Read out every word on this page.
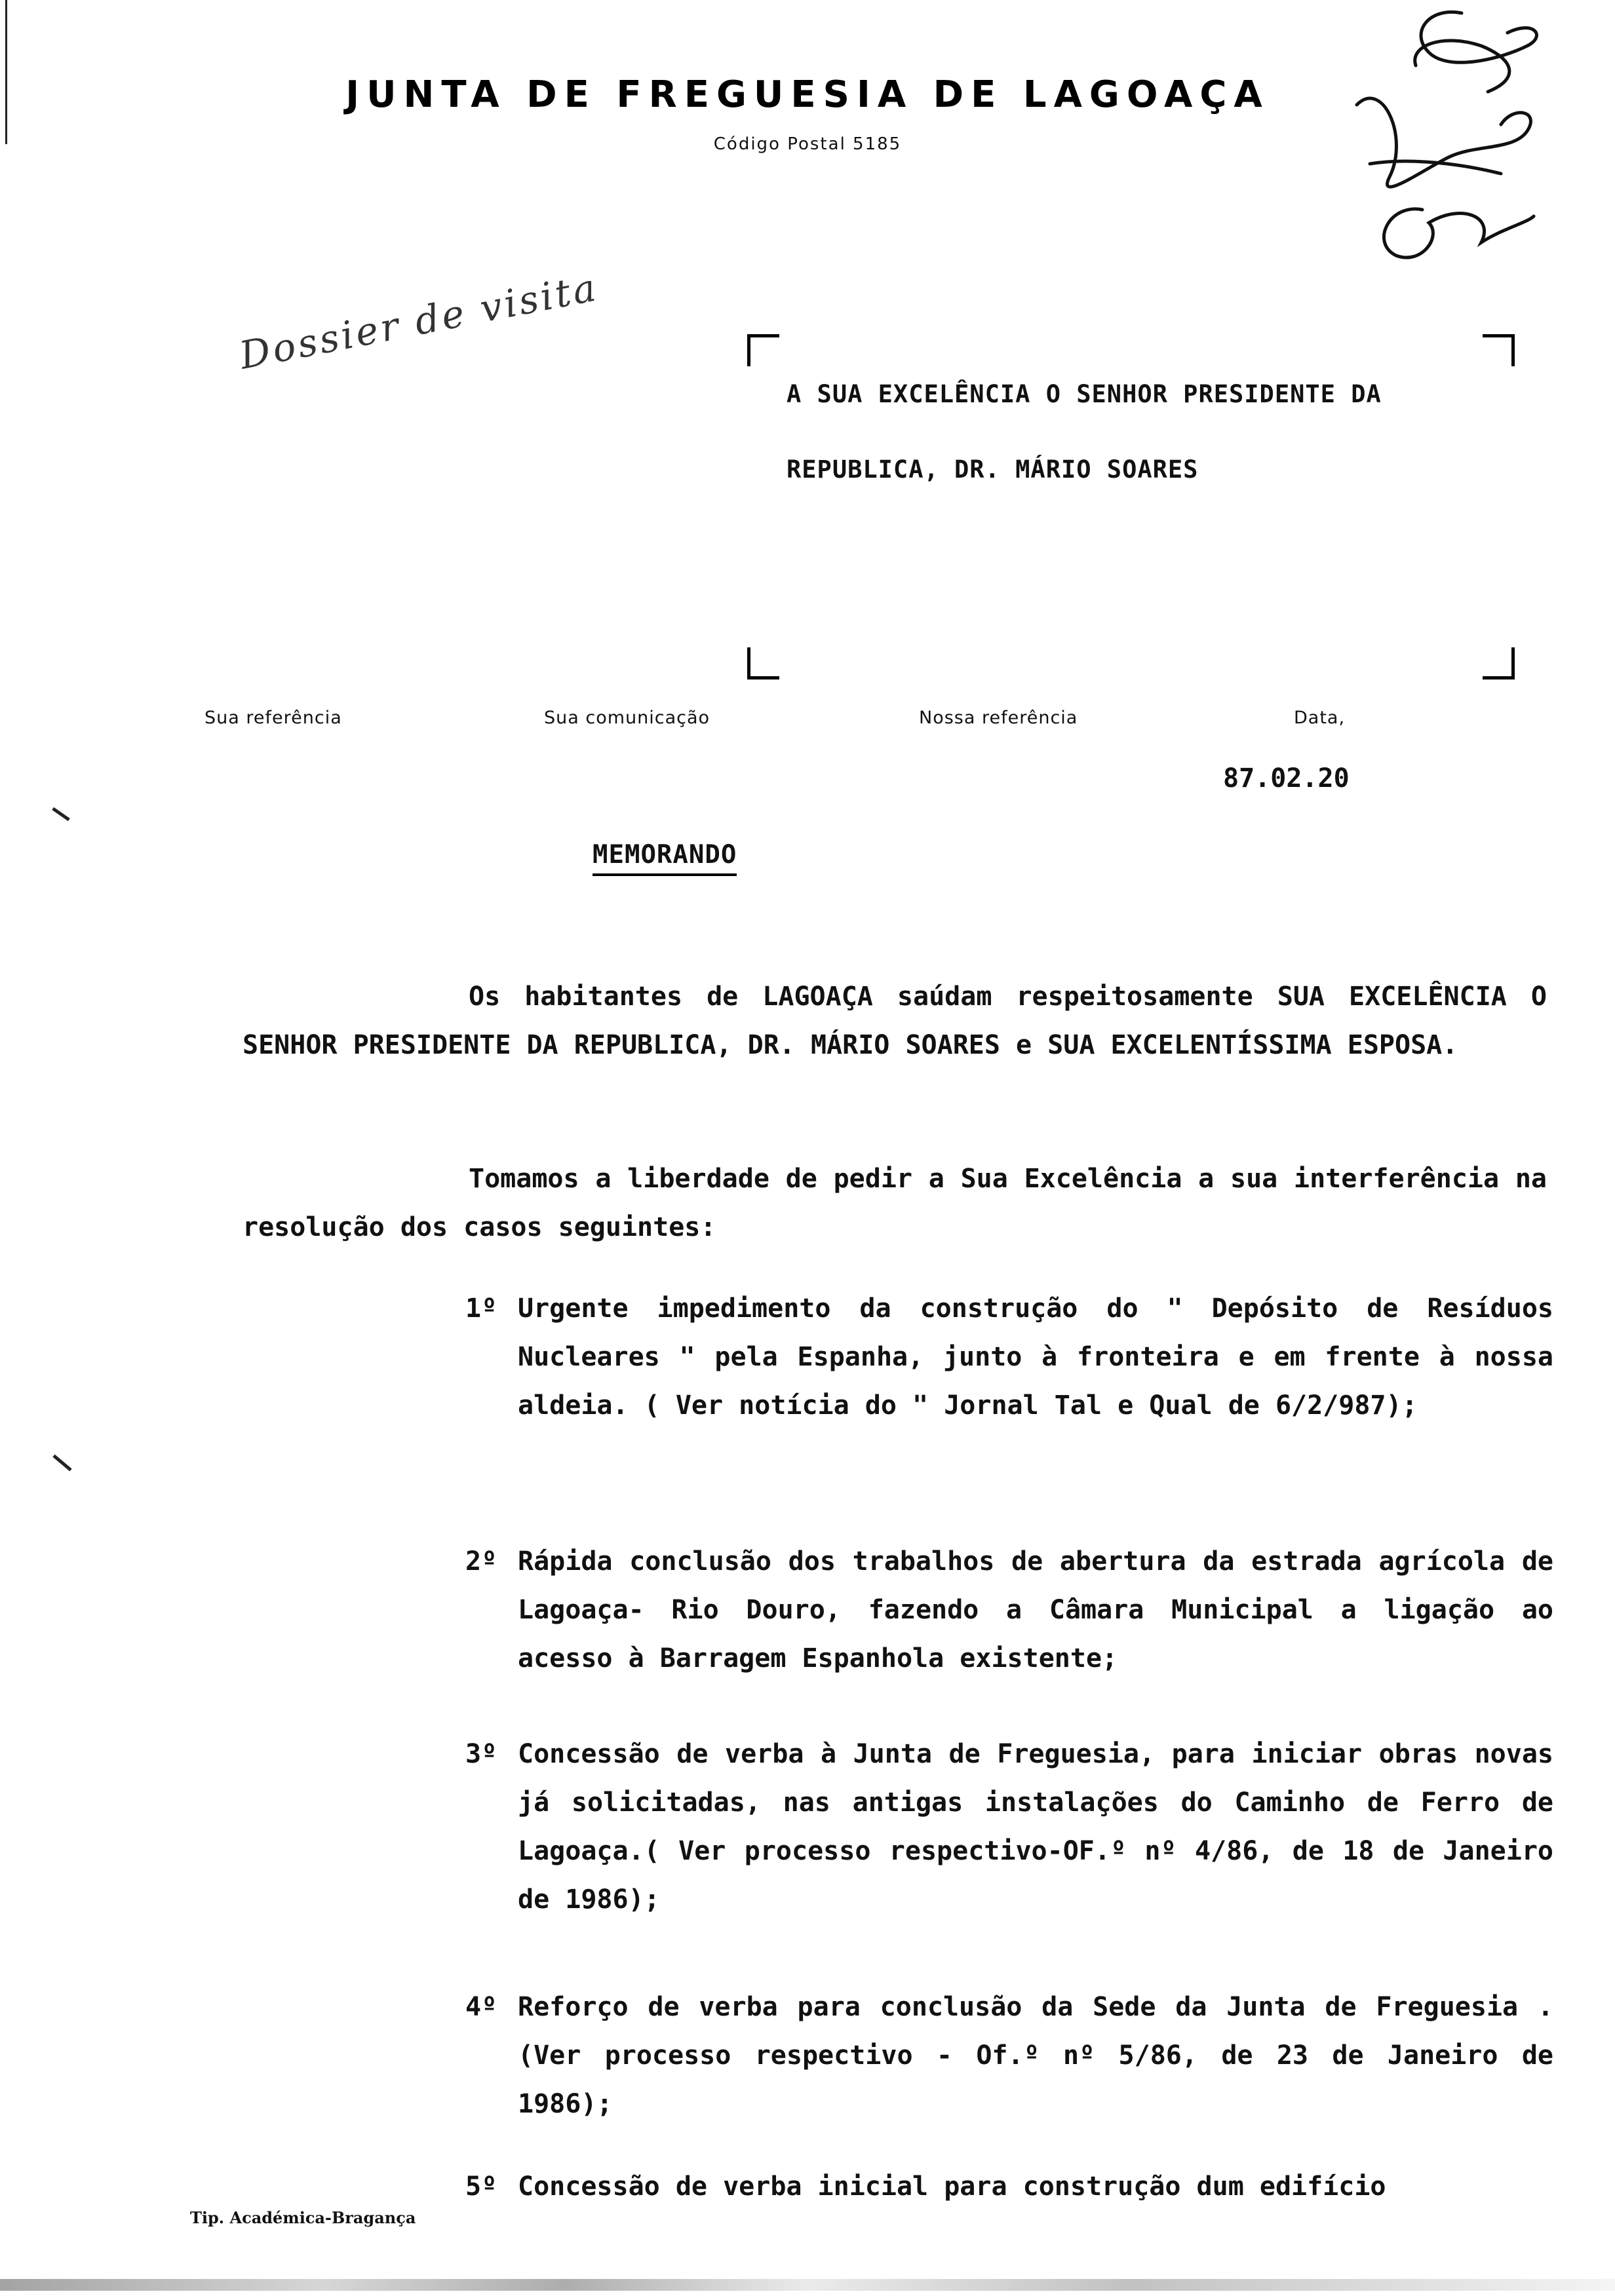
JUNTA DE FREGUESIA DE LAGOAÇA
Código Postal 5185
Dossier de visita
A SUA EXCELÊNCIA O SENHOR PRESIDENTE DA
REPUBLICA, DR. MÁRIO SOARES
Sua referência	Sua comunicação	Nossa referência	Data,
87.02.20
MEMORANDO
Os habitantes de LAGOAÇA saúdam respeitosamente SUA EXCELÊNCIA O SENHOR PRESIDENTE DA REPUBLICA, DR. MÁRIO SOARES e SUA EXCELENTÍSSIMA ESPOSA.
Tomamos a liberdade de pedir a Sua Excelência a sua interferência na resolução dos casos seguintes:
1º Urgente impedimento da construção do " Depósito de Resíduos Nucleares " pela Espanha, junto à fronteira e em frente à nossa aldeia. ( Ver notícia do " Jornal Tal e Qual de 6/2/987);
2º Rápida conclusão dos trabalhos de abertura da estrada agrícola de Lagoaça- Rio Douro, fazendo a Câmara Municipal a ligação ao acesso à Barragem Espanhola existente;
3º Concessão de verba à Junta de Freguesia, para iniciar obras novas já solicitadas, nas antigas instalações do Caminho de Ferro de Lagoaça.( Ver processo respectivo-OF.º nº 4/86, de 18 de Janeiro de 1986);
4º Reforço de verba para conclusão da Sede da Junta de Freguesia .(Ver processo respectivo - Of.º nº 5/86, de 23 de Janeiro de 1986);
5º Concessão de verba inicial para construção dum edifício
Tip. Académica-Bragança
